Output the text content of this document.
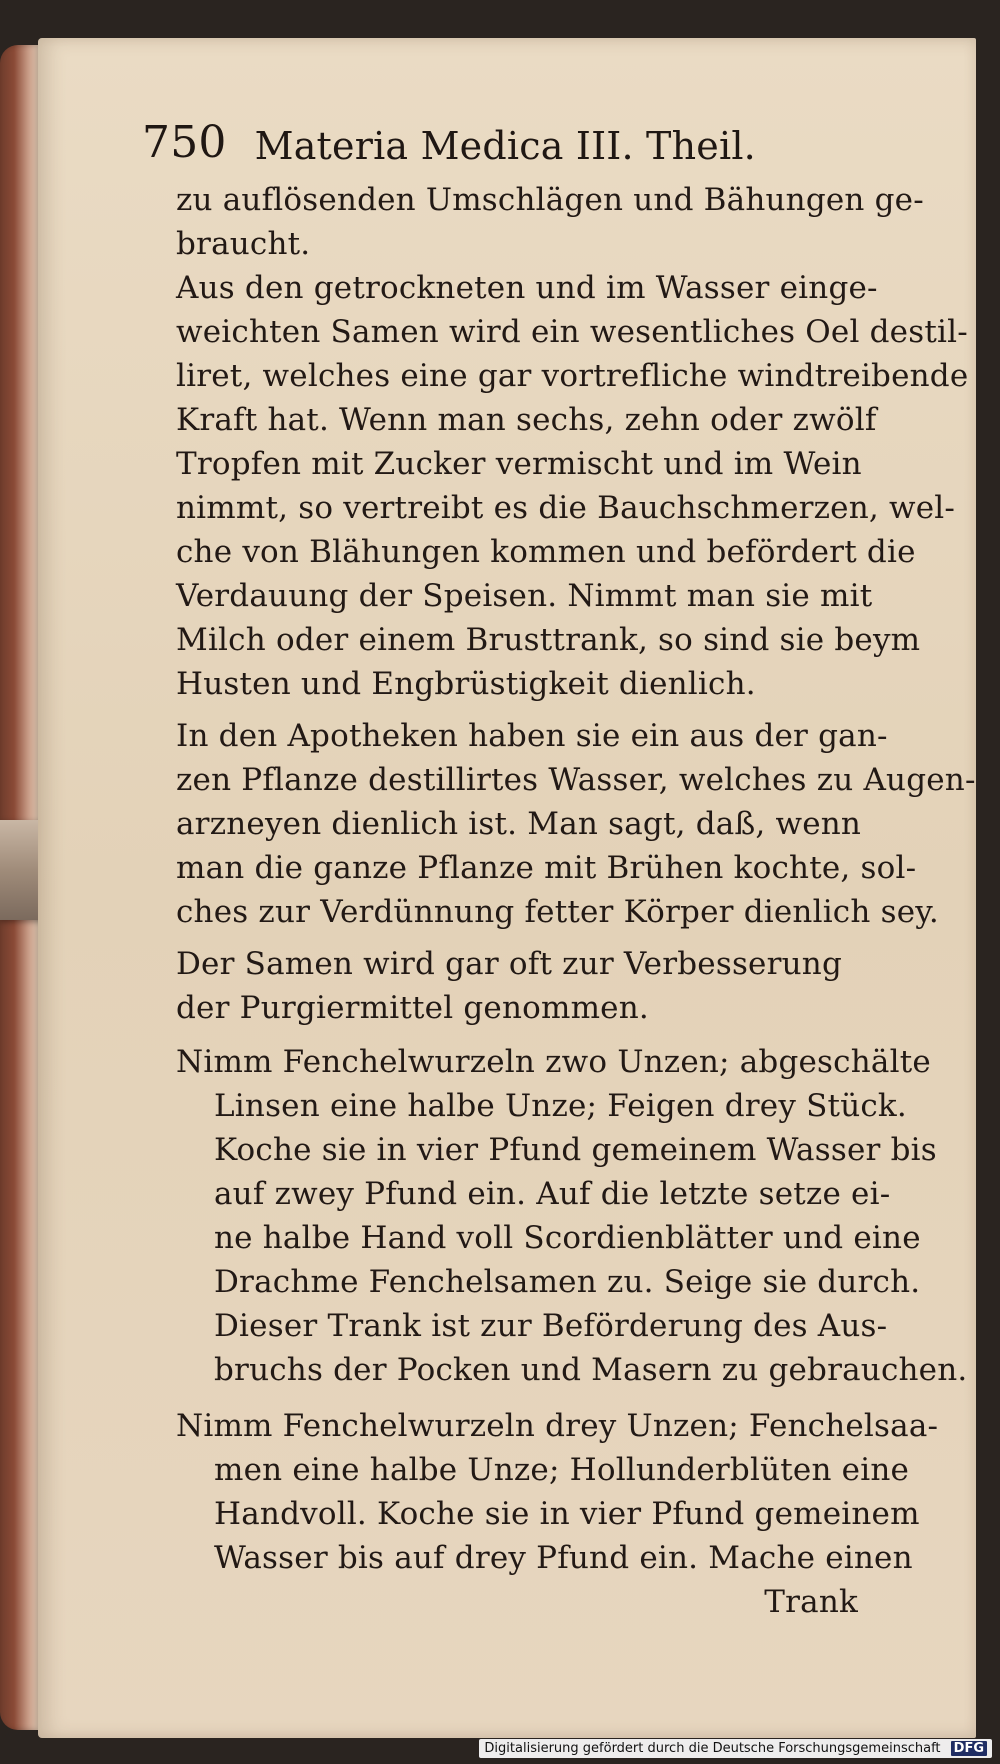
750 Materia Medica III. Theil.
zu auflösenden Umschlägen und Bähungen ge-
braucht.
Aus den getrockneten und im Wasser einge-
weichten Samen wird ein wesentliches Oel destil-
liret, welches eine gar vortrefliche windtreibende
Kraft hat. Wenn man sechs, zehn oder zwölf
Tropfen mit Zucker vermischt und im Wein
nimmt, so vertreibt es die Bauchschmerzen, wel-
che von Blähungen kommen und befördert die
Verdauung der Speisen. Nimmt man sie mit
Milch oder einem Brusttrank, so sind sie beym
Husten und Engbrüstigkeit dienlich.
In den Apotheken haben sie ein aus der gan-
zen Pflanze destillirtes Wasser, welches zu Augen-
arzneyen dienlich ist. Man sagt, daß, wenn
man die ganze Pflanze mit Brühen kochte, sol-
ches zur Verdünnung fetter Körper dienlich sey.
Der Samen wird gar oft zur Verbesserung
der Purgiermittel genommen.
Nimm Fenchelwurzeln zwo Unzen; abgeschälte
Linsen eine halbe Unze; Feigen drey Stück.
Koche sie in vier Pfund gemeinem Wasser bis
auf zwey Pfund ein. Auf die letzte setze ei-
ne halbe Hand voll Scordienblätter und eine
Drachme Fenchelsamen zu. Seige sie durch.
Dieser Trank ist zur Beförderung des Aus-
bruchs der Pocken und Masern zu gebrauchen.
Nimm Fenchelwurzeln drey Unzen; Fenchelsaa-
men eine halbe Unze; Hollunderblüten eine
Handvoll. Koche sie in vier Pfund gemeinem
Wasser bis auf drey Pfund ein. Mache einen
Trank
Digitalisierung gefördert durch die Deutsche Forschungsgemeinschaft DFG
